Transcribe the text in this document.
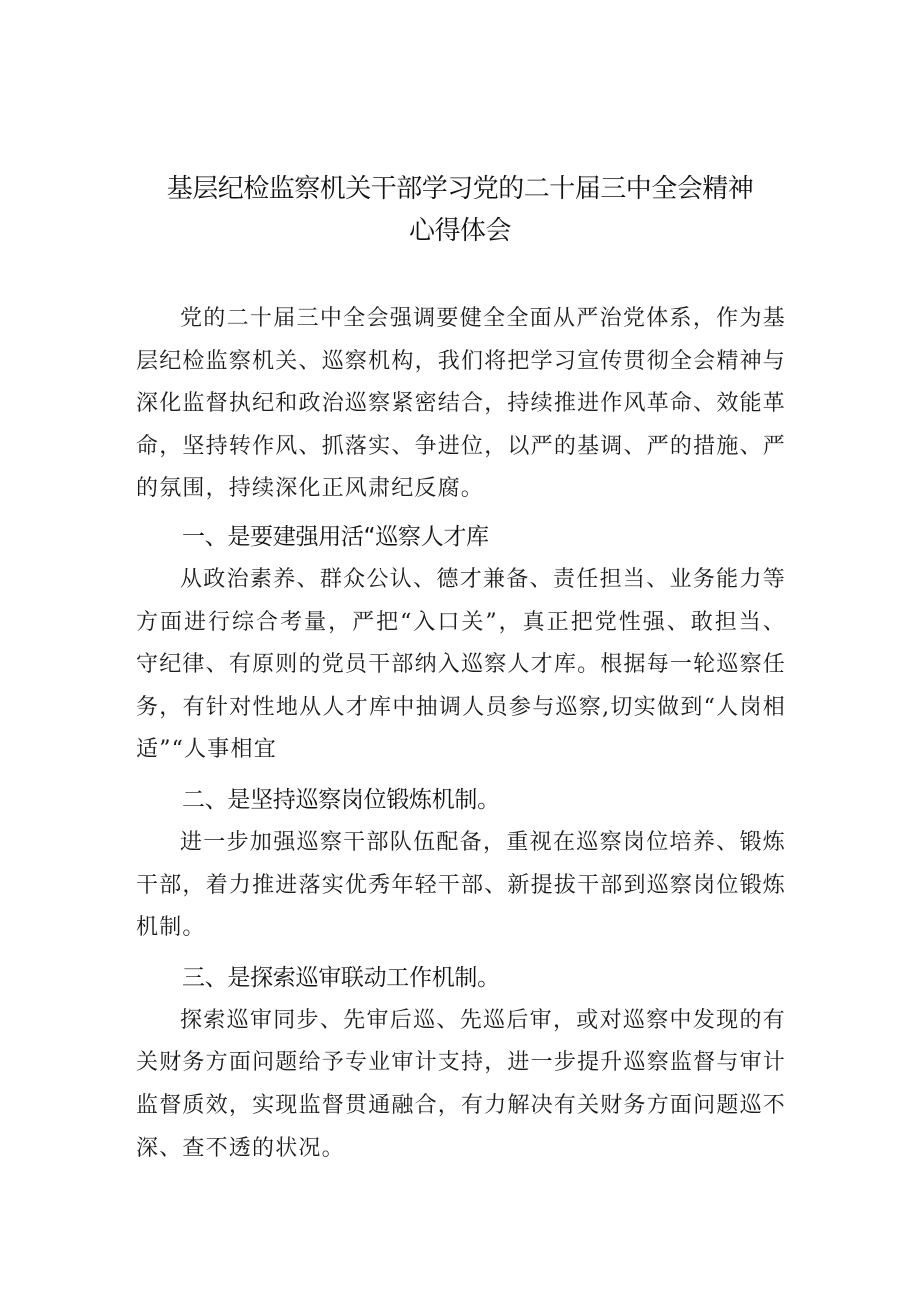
基层纪检监察机关干部学习党的二十届三中全会精神
心得体会

党的二十届三中全会强调要健全全面从严治党体系，作为基层纪检监察机关、巡察机构，我们将把学习宣传贯彻全会精神与深化监督执纪和政治巡察紧密结合，持续推进作风革命、效能革命，坚持转作风、抓落实、争进位，以严的基调、严的措施、严的氛围，持续深化正风肃纪反腐。

一、是要建强用活“巡察人才库

从政治素养、群众公认、德才兼备、责任担当、业务能力等方面进行综合考量，严把“入口关”，真正把党性强、敢担当、守纪律、有原则的党员干部纳入巡察人才库。根据每一轮巡察任务，有针对性地从人才库中抽调人员参与巡察,切实做到“人岗相适”“人事相宜

二、是坚持巡察岗位锻炼机制。

进一步加强巡察干部队伍配备，重视在巡察岗位培养、锻炼干部，着力推进落实优秀年轻干部、新提拔干部到巡察岗位锻炼机制。

三、是探索巡审联动工作机制。

探索巡审同步、先审后巡、先巡后审，或对巡察中发现的有关财务方面问题给予专业审计支持，进一步提升巡察监督与审计监督质效，实现监督贯通融合，有力解决有关财务方面问题巡不深、查不透的状况。
